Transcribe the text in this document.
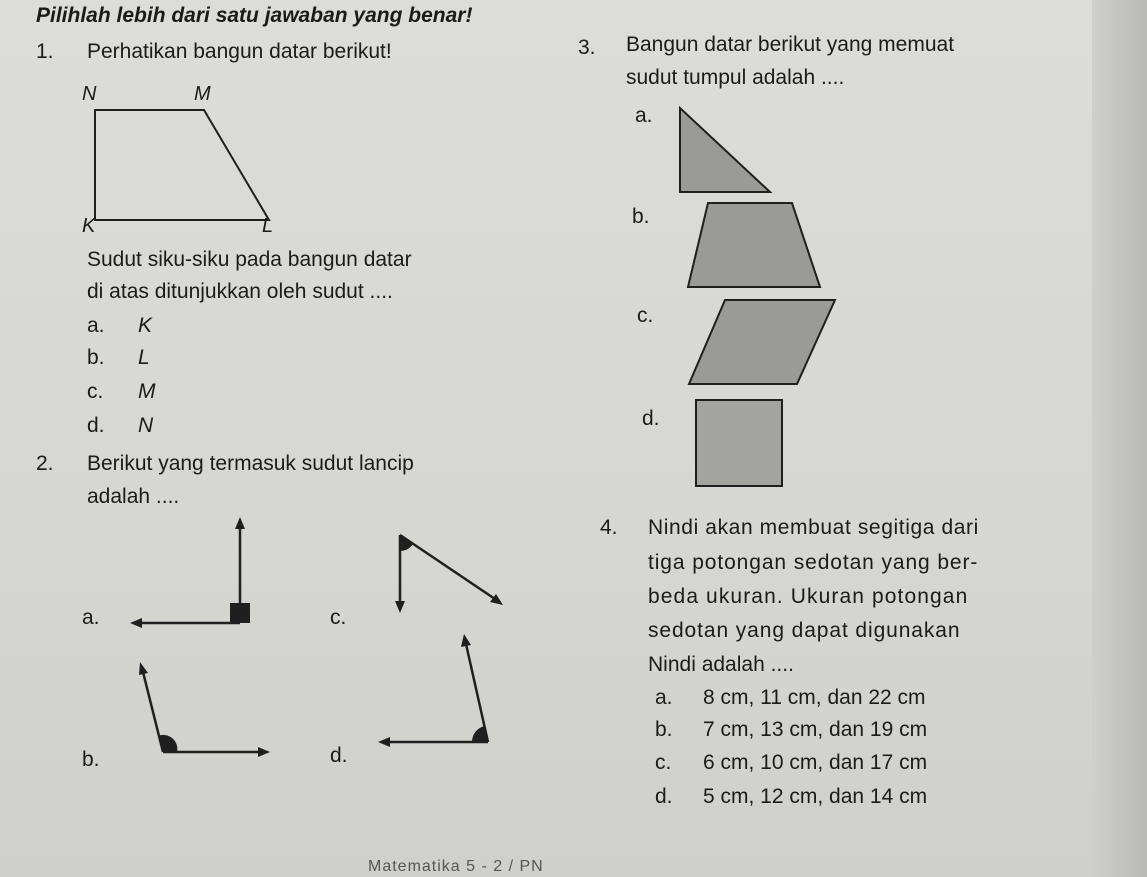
Pilihlah lebih dari satu jawaban yang benar!
1. Perhatikan bangun datar berikut!
N	M
K	L
Sudut siku-siku pada bangun datar
di atas ditunjukkan oleh sudut ....
a. K
b. L
c. M
d. N
2. Berikut yang termasuk sudut lancip
adalah ....
a.
b.
c.
d.
3. Bangun datar berikut yang memuat
sudut tumpul adalah ....
a.
b.
c.
d.
4. Nindi akan membuat segitiga dari
tiga potongan sedotan yang ber-
beda ukuran. Ukuran potongan
sedotan yang dapat digunakan
Nindi adalah ....
a. 8 cm, 11 cm, dan 22 cm
b. 7 cm, 13 cm, dan 19 cm
c. 6 cm, 10 cm, dan 17 cm
d. 5 cm, 12 cm, dan 14 cm
Matematika 5 - 2 / PN
